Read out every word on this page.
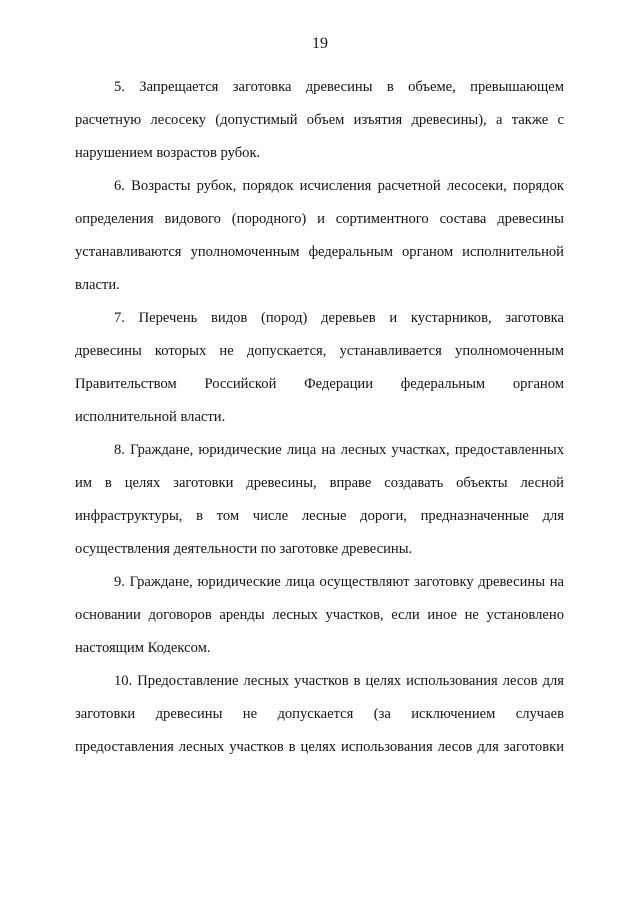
19

5. Запрещается заготовка древесины в объеме, превышающем расчетную лесосеку (допустимый объем изъятия древесины), а также с нарушением возрастов рубок.

6. Возрасты рубок, порядок исчисления расчетной лесосеки, порядок определения видового (породного) и сортиментного состава древесины устанавливаются уполномоченным федеральным органом исполнительной власти.

7. Перечень видов (пород) деревьев и кустарников, заготовка древесины которых не допускается, устанавливается уполномоченным Правительством Российской Федерации федеральным органом исполнительной власти.

8. Граждане, юридические лица на лесных участках, предоставленных им в целях заготовки древесины, вправе создавать объекты лесной инфраструктуры, в том числе лесные дороги, предназначенные для осуществления деятельности по заготовке древесины.

9. Граждане, юридические лица осуществляют заготовку древесины на основании договоров аренды лесных участков, если иное не установлено настоящим Кодексом.

10. Предоставление лесных участков в целях использования лесов для заготовки древесины не допускается (за исключением случаев предоставления лесных участков в целях использования лесов для заготовки
